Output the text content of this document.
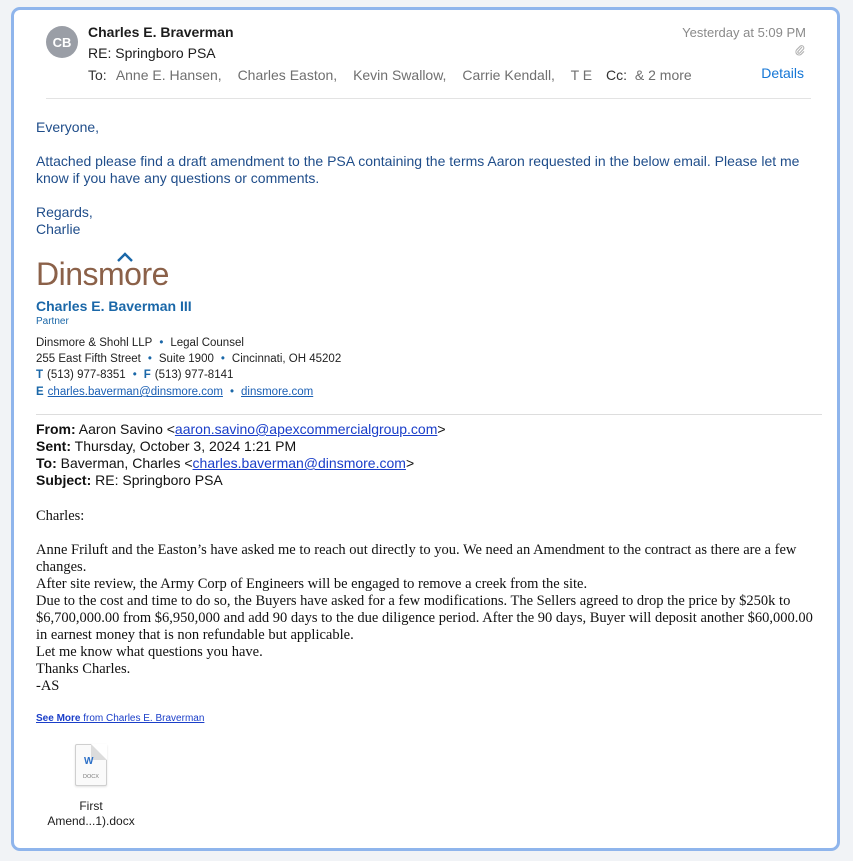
CB
Charles E. Braverman
RE: Springboro PSA
To: Anne E. Hansen, Charles Easton, Kevin Swallow, Carrie Kendall, T E Cc: & 2 more
Yesterday at 5:09 PM
Details
Everyone,
Attached please find a draft amendment to the PSA containing the terms Aaron requested in the below email. Please let me know if you have any questions or comments.
Regards,
Charlie
Dinsmore
Charles E. Baverman III
Partner
Dinsmore & Shohl LLP • Legal Counsel
255 East Fifth Street • Suite 1900 • Cincinnati, OH 45202
T (513) 977-8351 • F (513) 977-8141
E charles.baverman@dinsmore.com • dinsmore.com
From: Aaron Savino <aaron.savino@apexcommercialgroup.com>
Sent: Thursday, October 3, 2024 1:21 PM
To: Baverman, Charles <charles.baverman@dinsmore.com>
Subject: RE: Springboro PSA
Charles:
Anne Friluft and the Easton’s have asked me to reach out directly to you. We need an Amendment to the contract as there are a few changes.
After site review, the Army Corp of Engineers will be engaged to remove a creek from the site.
Due to the cost and time to do so, the Buyers have asked for a few modifications. The Sellers agreed to drop the price by $250k to $6,700,000.00 from $6,950,000 and add 90 days to the due diligence period. After the 90 days, Buyer will deposit another $60,000.00 in earnest money that is non refundable but applicable.
Let me know what questions you have.
Thanks Charles.
-AS
See More from Charles E. Braverman
W
DOCX
First
Amend...1).docx
